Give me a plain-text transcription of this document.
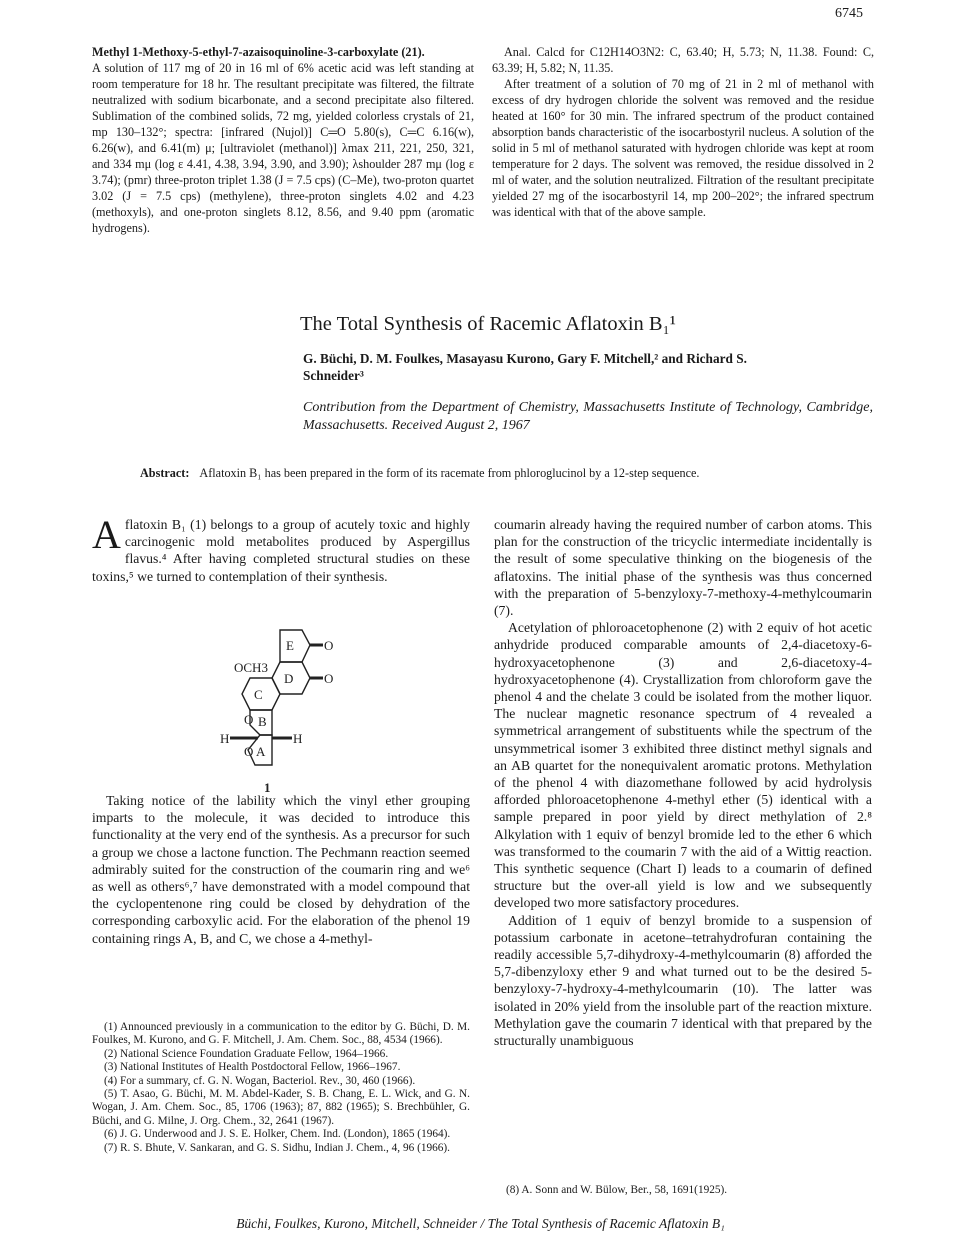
6745

Methyl 1-Methoxy-5-ethyl-7-azaisoquinoline-3-carboxylate (21).

A solution of 117 mg of 20 in 16 ml of 6% acetic acid was left standing at room temperature for 18 hr. The resultant precipitate was filtered, the filtrate neutralized with sodium bicarbonate, and a second precipitate also filtered. Sublimation of the combined solids, 72 mg, yielded colorless crystals of 21, mp 130–132°; spectra: [infrared (Nujol)] C═O 5.80(s), C═C 6.16(w), 6.26(w), and 6.41(m) μ; [ultraviolet (methanol)] λmax 211, 221, 250, 321, and 334 mμ (log ε 4.41, 4.38, 3.94, 3.90, and 3.90); λshoulder 287 mμ (log ε 3.74); (pmr) three-proton triplet 1.38 (J = 7.5 cps) (C–Me), two-proton quartet 3.02 (J = 7.5 cps) (methylene), three-proton singlets 4.02 and 4.23 (methoxyls), and one-proton singlets 8.12, 8.56, and 9.40 ppm (aromatic hydrogens).

Anal. Calcd for C12H14O3N2: C, 63.40; H, 5.73; N, 11.38. Found: C, 63.39; H, 5.82; N, 11.35.

After treatment of a solution of 70 mg of 21 in 2 ml of methanol with excess of dry hydrogen chloride the solvent was removed and the residue heated at 160° for 30 min. The infrared spectrum of the product contained absorption bands characteristic of the isocarbostyril nucleus. A solution of the solid in 5 ml of methanol saturated with hydrogen chloride was kept at room temperature for 2 days. The solvent was removed, the residue dissolved in 2 ml of water, and the solution neutralized. Filtration of the resultant precipitate yielded 27 mg of the isocarbostyril 14, mp 200–202°; the infrared spectrum was identical with that of the above sample.

The Total Synthesis of Racemic Aflatoxin B₁¹
G. Büchi, D. M. Foulkes, Masayasu Kurono, Gary F. Mitchell,² and Richard S. Schneider³
Contribution from the Department of Chemistry, Massachusetts Institute of Technology, Cambridge, Massachusetts. Received August 2, 1967
Abstract: Aflatoxin B₁ has been prepared in the form of its racemate from phloroglucinol by a 12-step sequence.

Aflatoxin B₁ (1) belongs to a group of acutely toxic and highly carcinogenic mold metabolites produced by Aspergillus flavus.⁴ After having completed structural studies on these toxins,⁵ we turned to contemplation of their synthesis.

E
D
C
B
A
OCH3
O
O
O
O
H	H
1

Taking notice of the lability which the vinyl ether grouping imparts to the molecule, it was decided to introduce this functionality at the very end of the synthesis. As a precursor for such a group we chose a lactone function. The Pechmann reaction seemed admirably suited for the construction of the coumarin ring and we⁶ as well as others⁶,⁷ have demonstrated with a model compound that the cyclopentenone ring could be closed by dehydration of the corresponding carboxylic acid. For the elaboration of the phenol 19 containing rings A, B, and C, we chose a 4-methyl-

(1) Announced previously in a communication to the editor by G. Büchi, D. M. Foulkes, M. Kurono, and G. F. Mitchell, J. Am. Chem. Soc., 88, 4534 (1966).

(2) National Science Foundation Graduate Fellow, 1964–1966.

(3) National Institutes of Health Postdoctoral Fellow, 1966–1967.

(4) For a summary, cf. G. N. Wogan, Bacteriol. Rev., 30, 460 (1966).

(5) T. Asao, G. Büchi, M. M. Abdel-Kader, S. B. Chang, E. L. Wick, and G. N. Wogan, J. Am. Chem. Soc., 85, 1706 (1963); 87, 882 (1965); S. Brechbühler, G. Büchi, and G. Milne, J. Org. Chem., 32, 2641 (1967).

(6) J. G. Underwood and J. S. E. Holker, Chem. Ind. (London), 1865 (1964).

(7) R. S. Bhute, V. Sankaran, and G. S. Sidhu, Indian J. Chem., 4, 96 (1966).

coumarin already having the required number of carbon atoms. This plan for the construction of the tricyclic intermediate incidentally is the result of some speculative thinking on the biogenesis of the aflatoxins. The initial phase of the synthesis was thus concerned with the preparation of 5-benzyloxy-7-methoxy-4-methylcoumarin (7).

Acetylation of phloroacetophenone (2) with 2 equiv of hot acetic anhydride produced comparable amounts of 2,4-diacetoxy-6-hydroxyacetophenone (3) and 2,6-diacetoxy-4-hydroxyacetophenone (4). Crystallization from chloroform gave the phenol 4 and the chelate 3 could be isolated from the mother liquor. The nuclear magnetic resonance spectrum of 4 revealed a symmetrical arrangement of substituents while the spectrum of the unsymmetrical isomer 3 exhibited three distinct methyl signals and an AB quartet for the nonequivalent aromatic protons. Methylation of the phenol 4 with diazomethane followed by acid hydrolysis afforded phloroacetophenone 4-methyl ether (5) identical with a sample prepared in poor yield by direct methylation of 2.⁸ Alkylation with 1 equiv of benzyl bromide led to the ether 6 which was transformed to the coumarin 7 with the aid of a Wittig reaction. This synthetic sequence (Chart I) leads to a coumarin of defined structure but the over-all yield is low and we subsequently developed two more satisfactory procedures.

Addition of 1 equiv of benzyl bromide to a suspension of potassium carbonate in acetone–tetrahydrofuran containing the readily accessible 5,7-dihydroxy-4-methylcoumarin (8) afforded the 5,7-dibenzyloxy ether 9 and what turned out to be the desired 5-benzyloxy-7-hydroxy-4-methylcoumarin (10). The latter was isolated in 20% yield from the insoluble part of the reaction mixture. Methylation gave the coumarin 7 identical with that prepared by the structurally unambiguous

(8) A. Sonn and W. Bülow, Ber., 58, 1691(1925).

Büchi, Foulkes, Kurono, Mitchell, Schneider / The Total Synthesis of Racemic Aflatoxin B₁
